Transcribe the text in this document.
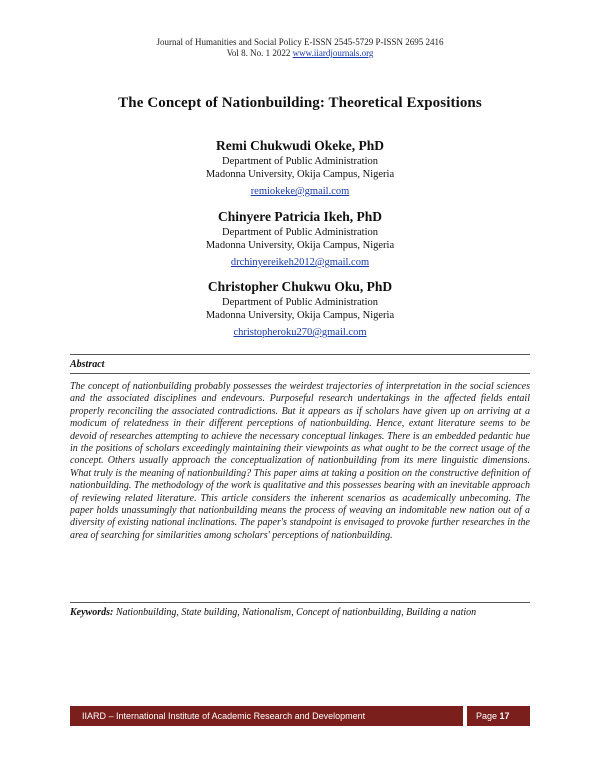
Journal of Humanities and Social Policy E-ISSN 2545-5729 P-ISSN 2695 2416
Vol 8. No. 1 2022 www.iiardjournals.org
The Concept of Nationbuilding: Theoretical Expositions
Remi Chukwudi Okeke, PhD
Department of Public Administration
Madonna University, Okija Campus, Nigeria
remiokeke@gmail.com
Chinyere Patricia Ikeh, PhD
Department of Public Administration
Madonna University, Okija Campus, Nigeria
drchinyereikeh2012@gmail.com
Christopher Chukwu Oku, PhD
Department of Public Administration
Madonna University, Okija Campus, Nigeria
christopheroku270@gmail.com
Abstract
The concept of nationbuilding probably possesses the weirdest trajectories of interpretation in the social sciences and the associated disciplines and endevours. Purposeful research undertakings in the affected fields entail properly reconciling the associated contradictions. But it appears as if scholars have given up on arriving at a modicum of relatedness in their different perceptions of nationbuilding. Hence, extant literature seems to be devoid of researches attempting to achieve the necessary conceptual linkages. There is an embedded pedantic hue in the positions of scholars exceedingly maintaining their viewpoints as what ought to be the correct usage of the concept. Others usually approach the conceptualization of nationbuilding from its mere linguistic dimensions. What truly is the meaning of nationbuilding? This paper aims at taking a position on the constructive definition of nationbuilding. The methodology of the work is qualitative and this possesses bearing with an inevitable approach of reviewing related literature. This article considers the inherent scenarios as academically unbecoming. The paper holds unassumingly that nationbuilding means the process of weaving an indomitable new nation out of a diversity of existing national inclinations. The paper's standpoint is envisaged to provoke further researches in the area of searching for similarities among scholars' perceptions of nationbuilding.
Keywords: Nationbuilding, State building, Nationalism, Concept of nationbuilding, Building a nation
IIARD – International Institute of Academic Research and Development	Page 17
